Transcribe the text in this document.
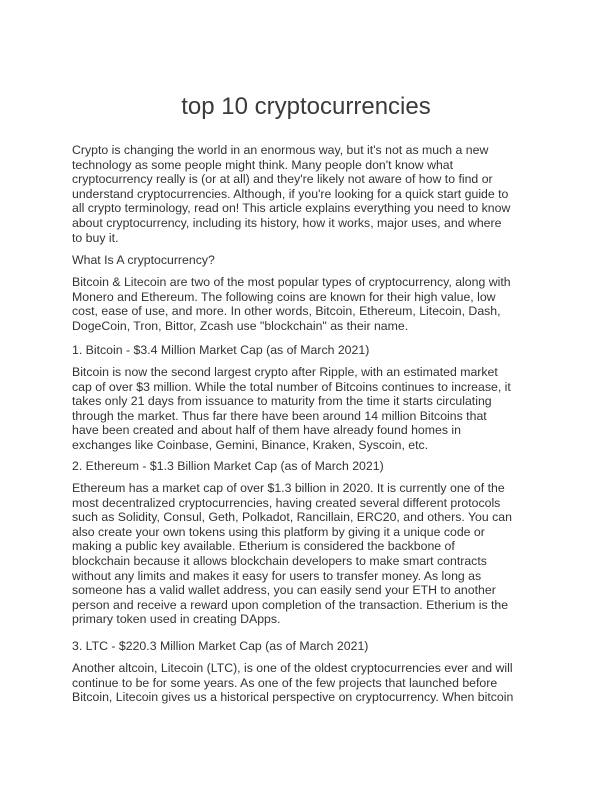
top 10 cryptocurrencies
Crypto is changing the world in an enormous way, but it's not as much a new
technology as some people might think. Many people don't know what
cryptocurrency really is (or at all) and they're likely not aware of how to find or
understand cryptocurrencies. Although, if you're looking for a quick start guide to
all crypto terminology, read on! This article explains everything you need to know
about cryptocurrency, including its history, how it works, major uses, and where
to buy it.
What Is A cryptocurrency?
Bitcoin & Litecoin are two of the most popular types of cryptocurrency, along with
Monero and Ethereum. The following coins are known for their high value, low
cost, ease of use, and more. In other words, Bitcoin, Ethereum, Litecoin, Dash,
DogeCoin, Tron, Bittor, Zcash use "blockchain" as their name.
1. Bitcoin - $3.4 Million Market Cap (as of March 2021)
Bitcoin is now the second largest crypto after Ripple, with an estimated market
cap of over $3 million. While the total number of Bitcoins continues to increase, it
takes only 21 days from issuance to maturity from the time it starts circulating
through the market. Thus far there have been around 14 million Bitcoins that
have been created and about half of them have already found homes in
exchanges like Coinbase, Gemini, Binance, Kraken, Syscoin, etc.
2. Ethereum - $1.3 Billion Market Cap (as of March 2021)
Ethereum has a market cap of over $1.3 billion in 2020. It is currently one of the
most decentralized cryptocurrencies, having created several different protocols
such as Solidity, Consul, Geth, Polkadot, Rancillain, ERC20, and others. You can
also create your own tokens using this platform by giving it a unique code or
making a public key available. Etherium is considered the backbone of
blockchain because it allows blockchain developers to make smart contracts
without any limits and makes it easy for users to transfer money. As long as
someone has a valid wallet address, you can easily send your ETH to another
person and receive a reward upon completion of the transaction. Etherium is the
primary token used in creating DApps.
3. LTC - $220.3 Million Market Cap (as of March 2021)
Another altcoin, Litecoin (LTC), is one of the oldest cryptocurrencies ever and will
continue to be for some years. As one of the few projects that launched before
Bitcoin, Litecoin gives us a historical perspective on cryptocurrency. When bitcoin
